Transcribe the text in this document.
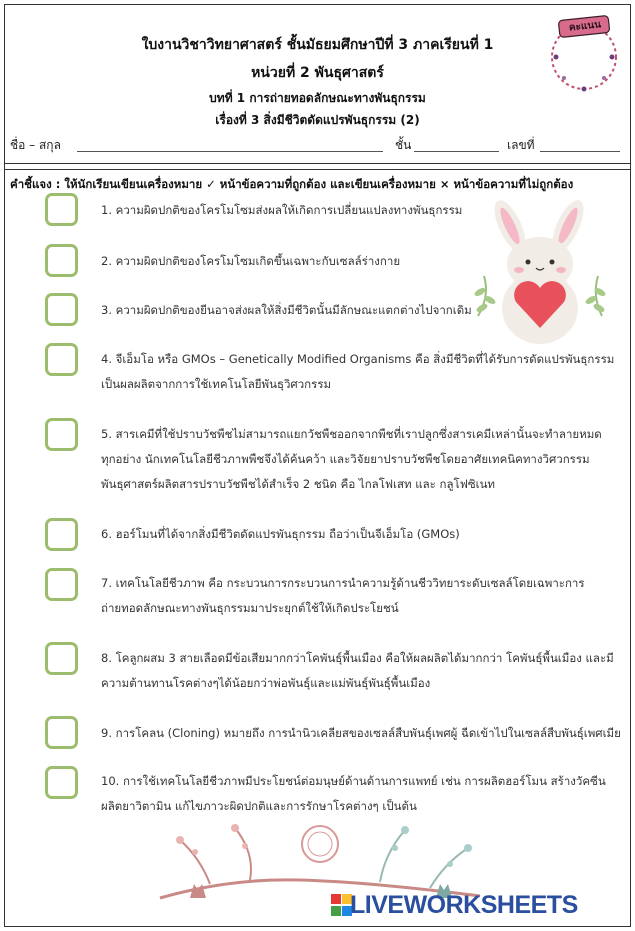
ใบงานวิชาวิทยาศาสตร์ ชั้นมัธยมศึกษาปีที่ 3 ภาคเรียนที่ 1
หน่วยที่ 2 พันธุศาสตร์
บทที่ 1 การถ่ายทอดลักษณะทางพันธุกรรม
เรื่องที่ 3 สิ่งมีชีวิตดัดแปรพันธุกรรม (2)
คะแนน
ชื่อ – สกุล	ชั้น	เลขที่
คำชี้แจง : ให้นักเรียนเขียนเครื่องหมาย ✓ หน้าข้อความที่ถูกต้อง และเขียนเครื่องหมาย × หน้าข้อความที่ไม่ถูกต้อง
1. ความผิดปกติของโครโมโซมส่งผลให้เกิดการเปลี่ยนแปลงทางพันธุกรรม
2. ความผิดปกติของโครโมโซมเกิดขึ้นเฉพาะกับเซลล์ร่างกาย
3. ความผิดปกติของยีนอาจส่งผลให้สิ่งมีชีวิตนั้นมีลักษณะแตกต่างไปจากเดิม
4. จีเอ็มโอ หรือ GMOs – Genetically Modified Organisms คือ สิ่งมีชีวิตที่ได้รับการดัดแปรพันธุกรรม
เป็นผลผลิตจากการใช้เทคโนโลยีพันธุวิศวกรรม
5. สารเคมีที่ใช้ปราบวัชพืชไม่สามารถแยกวัชพืชออกจากพืชที่เราปลูกซึ่งสารเคมีเหล่านั้นจะทำลายหมด
ทุกอย่าง นักเทคโนโลยีชีวภาพพืชจึงได้ค้นคว้า และวิจัยยาปราบวัชพืชโดยอาศัยเทคนิคทางวิศวกรรม
พันธุศาสตร์ผลิตสารปราบวัชพืชได้สำเร็จ 2 ชนิด คือ ไกลโฟเสท และ กลูโฟซิเนท
6. ฮอร์โมนที่ได้จากสิ่งมีชีวิตดัดแปรพันธุกรรม ถือว่าเป็นจีเอ็มโอ (GMOs)
7. เทคโนโลยีชีวภาพ คือ กระบวนการกระบวนการนำความรู้ด้านชีววิทยาระดับเซลล์โดยเฉพาะการ
ถ่ายทอดลักษณะทางพันธุกรรมมาประยุกต์ใช้ให้เกิดประโยชน์
8. โคลูกผสม 3 สายเลือดมีข้อเสียมากกว่าโคพันธุ์พื้นเมือง คือให้ผลผลิตได้มากกว่า โคพันธุ์พื้นเมือง และมี
ความต้านทานโรคต่างๆได้น้อยกว่าพ่อพันธุ์และแม่พันธุ์พันธุ์พื้นเมือง
9. การโคลน (Cloning) หมายถึง การนำนิวเคลียสของเซลล์สืบพันธุ์เพศผู้ ฉีดเข้าไปในเซลล์สืบพันธุ์เพศเมีย
10. การใช้เทคโนโลยีชีวภาพมีประโยชน์ต่อมนุษย์ด้านด้านการแพทย์ เช่น การผลิตฮอร์โมน สร้างวัคซีน
ผลิตยาวิตามิน แก้ไขภาวะผิดปกติและการรักษาโรคต่างๆ เป็นต้น
LIVEWORKSHEETS
